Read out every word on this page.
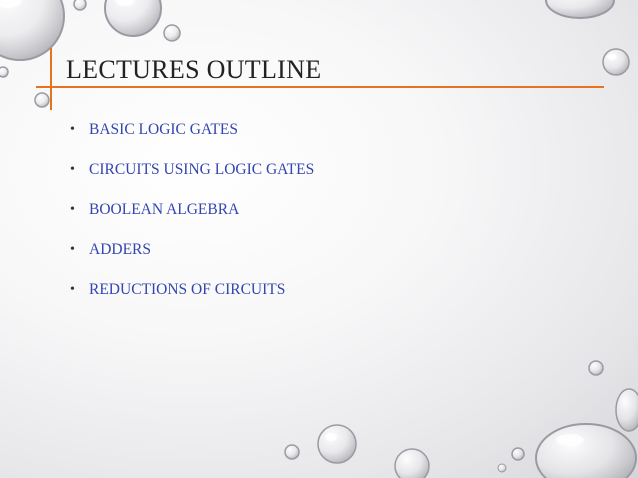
LECTURES OUTLINE
• BASIC LOGIC GATES
• CIRCUITS USING LOGIC GATES
• BOOLEAN ALGEBRA
• ADDERS
• REDUCTIONS OF CIRCUITS
